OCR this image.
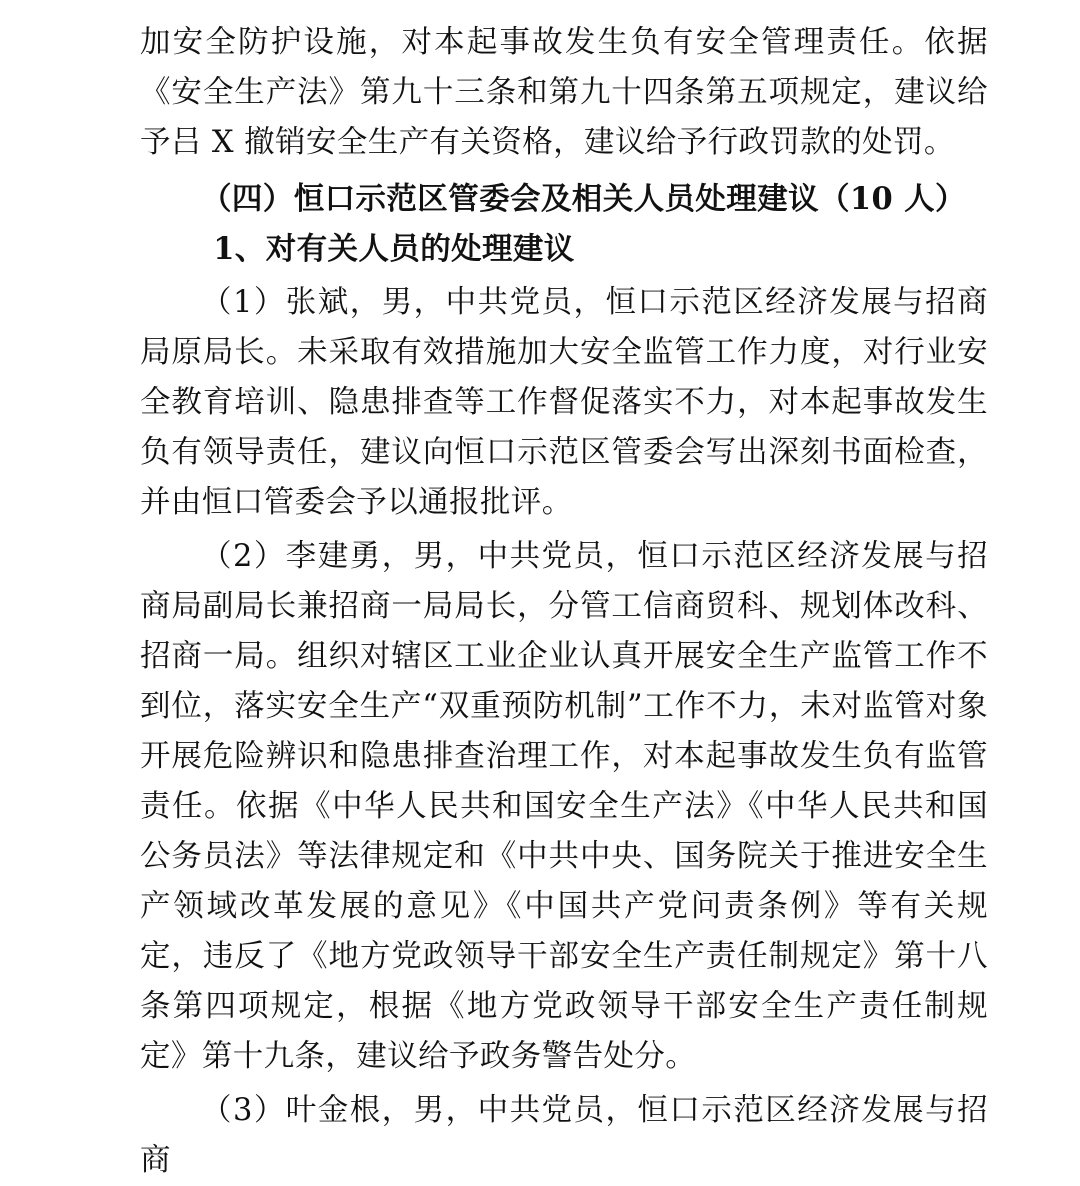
加安全防护设施，对本起事故发生负有安全管理责任。依据《安全生产法》第九十三条和第九十四条第五项规定，建议给予吕 X 撤销安全生产有关资格，建议给予行政罚款的处罚。

（四）恒口示范区管委会及相关人员处理建议（10 人）

1、对有关人员的处理建议

（1）张斌，男，中共党员，恒口示范区经济发展与招商局原局长。未采取有效措施加大安全监管工作力度，对行业安全教育培训、隐患排查等工作督促落实不力，对本起事故发生负有领导责任，建议向恒口示范区管委会写出深刻书面检查，并由恒口管委会予以通报批评。

（2）李建勇，男，中共党员，恒口示范区经济发展与招商局副局长兼招商一局局长，分管工信商贸科、规划体改科、招商一局。组织对辖区工业企业认真开展安全生产监管工作不到位，落实安全生产“双重预防机制”工作不力，未对监管对象开展危险辨识和隐患排查治理工作，对本起事故发生负有监管责任。依据《中华人民共和国安全生产法》《中华人民共和国公务员法》等法律规定和《中共中央、国务院关于推进安全生产领域改革发展的意见》《中国共产党问责条例》等有关规定，违反了《地方党政领导干部安全生产责任制规定》第十八条第四项规定，根据《地方党政领导干部安全生产责任制规定》第十九条，建议给予政务警告处分。

（3）叶金根，男，中共党员，恒口示范区经济发展与招商
